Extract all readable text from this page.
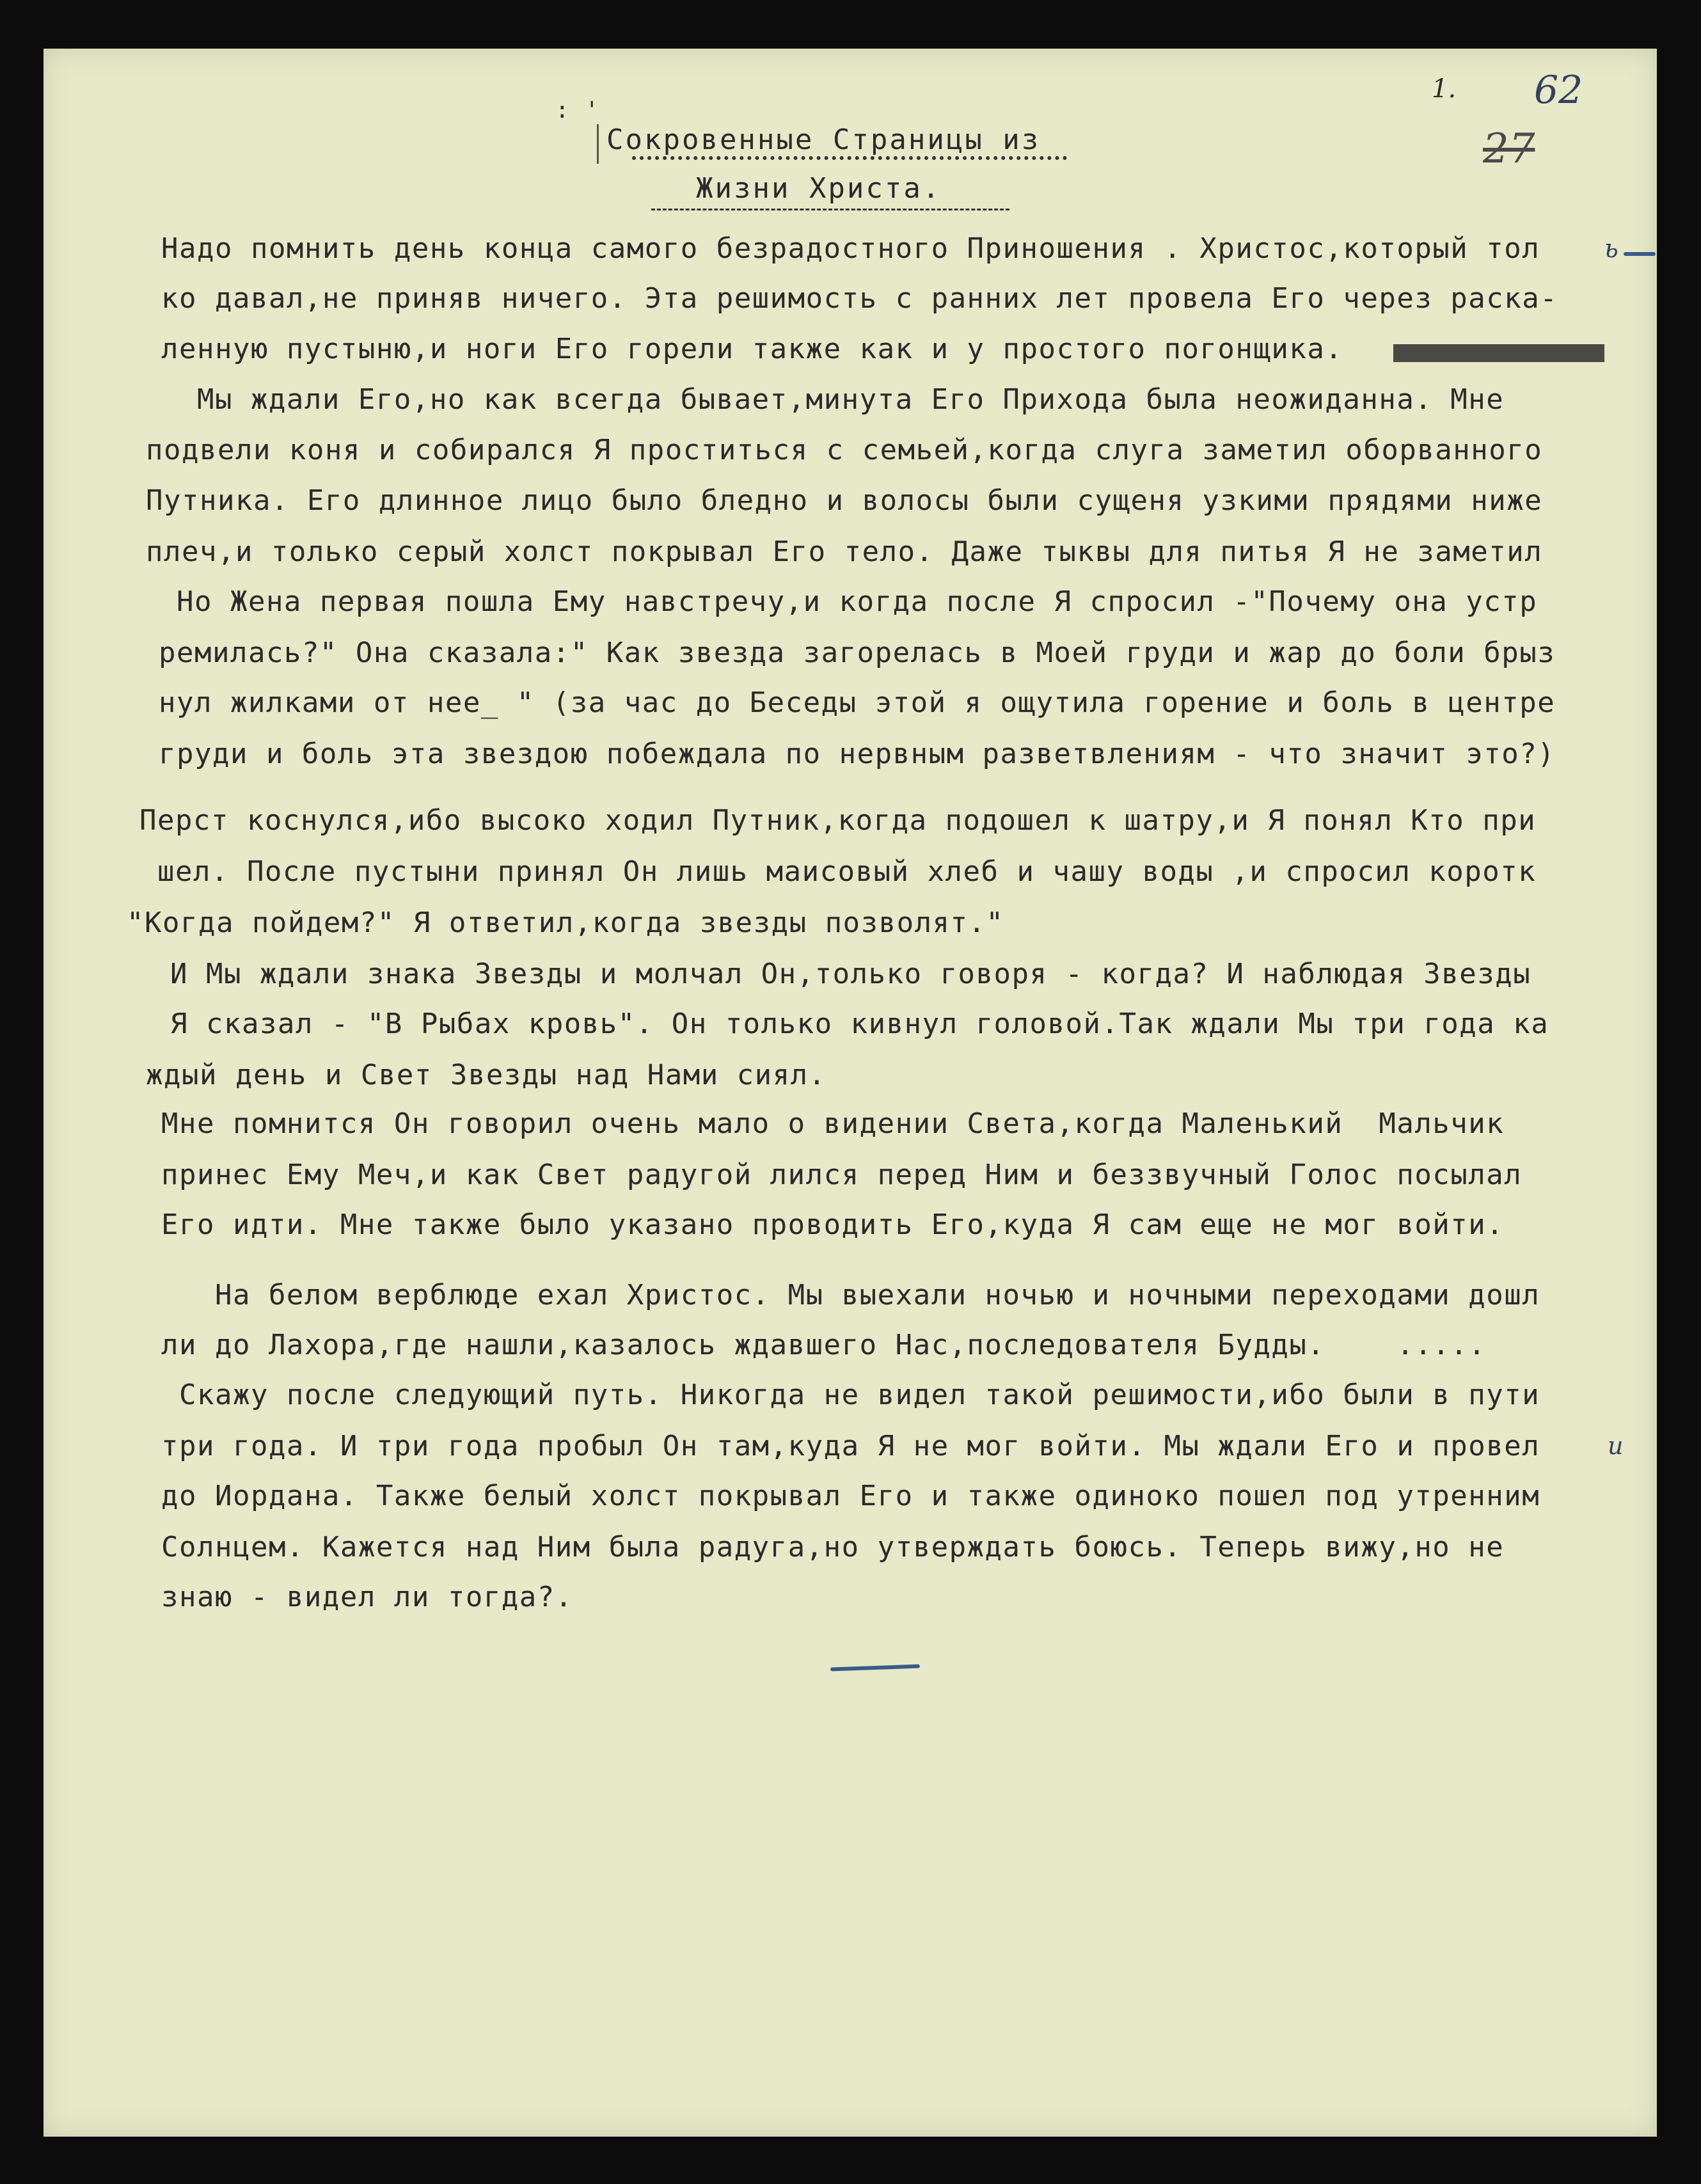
1. 62
27
: '
Сокровенные Страницы из
Жизни Христа.
Надо помнить день конца самого безрадостного Приношения . Христос,который тол
ко давал,не приняв ничего. Эта решимость с ранних лет провела Его через раска-
ленную пустыню,и ноги Его горели также как и у простого погонщика.
Мы ждали Его,но как всегда бывает,минута Его Прихода была неожиданна. Мне
подвели коня и собирался Я проститься с семьей,когда слуга заметил оборванного
Путника. Его длинное лицо было бледно и волосы были сущеня узкими прядями ниже
плеч,и только серый холст покрывал Его тело. Даже тыквы для питья Я не заметил
Но Жена первая пошла Ему навстречу,и когда после Я спросил -"Почему она устр
ремилась?" Она сказала:" Как звезда загорелась в Моей груди и жар до боли брыз
нул жилками от нее_ " (за час до Беседы этой я ощутила горение и боль в центре
груди и боль эта звездою побеждала по нервным разветвлениям - что значит это?)
Перст коснулся,ибо высоко ходил Путник,когда подошел к шатру,и Я понял Кто при
шел. После пустыни принял Он лишь маисовый хлеб и чашу воды ,и спросил коротк
"Когда пойдем?" Я ответил,когда звезды позволят."
И Мы ждали знака Звезды и молчал Он,только говоря - когда? И наблюдая Звезды
Я сказал - "В Рыбах кровь". Он только кивнул головой.Так ждали Мы три года ка
ждый день и Свет Звезды над Нами сиял.
Мне помнится Он говорил очень мало о видении Света,когда Маленький  Мальчик
принес Ему Меч,и как Свет радугой лился перед Ним и беззвучный Голос посылал
Его идти. Мне также было указано проводить Его,куда Я сам еще не мог войти.
На белом верблюде ехал Христос. Мы выехали ночью и ночными переходами дошл
ли до Лахора,где нашли,казалось ждавшего Нас,последователя Будды.    .....
Скажу после следующий путь. Никогда не видел такой решимости,ибо были в пути
три года. И три года пробыл Он там,куда Я не мог войти. Мы ждали Его и провел
до Иордана. Также белый холст покрывал Его и также одиноко пошел под утренним
Солнцем. Кажется над Ним была радуга,но утверждать боюсь. Теперь вижу,но не
знаю - видел ли тогда?.
ь
и
